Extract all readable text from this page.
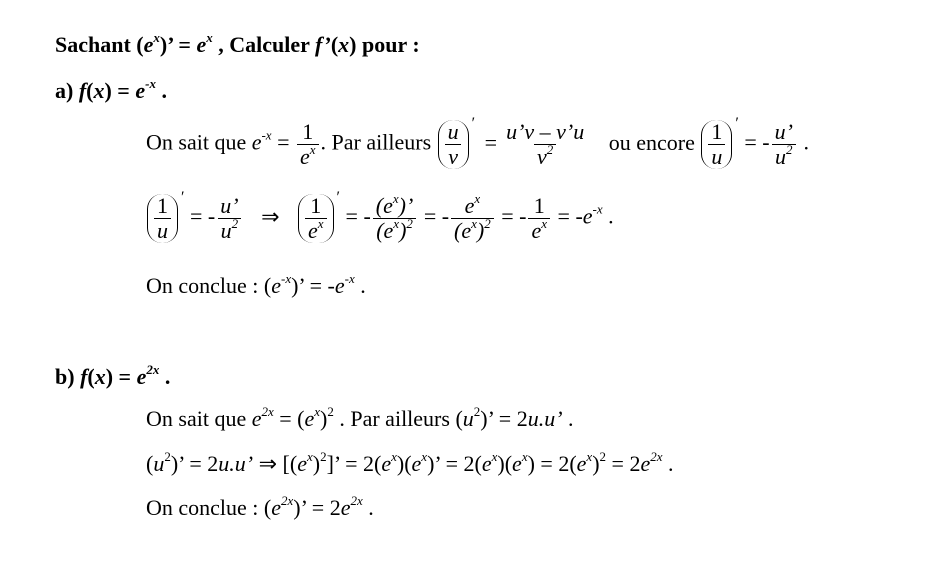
Sachant $(e^x)$’ = $e^x$ , Calculer f’(x) pour :
a) $f(x) = e^{-x}$ .
On sait que $e^{-x} = \frac{1}{e^x}$ . Par ailleurs $\frac{u}{v} ' = \frac{u’v - v’u}{v^2}$ ou encore $\frac{1}{u} '$ = - $\frac{u’}{u^2}$ .
$\frac{1}{u} '$ = - $\frac{u’}{u^2}$ ⇒ $\frac{1}{e^x} '$ = - $\frac{(e^x)’}{(e^x)^2}$ = - $\frac{e^x}{(e^x)^2}$ = - $\frac{1}{e^x} = -e^{-x}$ .
On conclue : $(e^{-x})$’ = $-e^{-x}$ .
b) $f(x) = e^{2x}$ .
On sait que $e^{2x} = (e^x)^2$ . Par ailleurs $(u^2)$’ = 2u.u’ .
$(u^2)$’ = 2u.u’ ⇒ $[(e^x)^2]$’ = $2(e^x)(e^x)$’ = $2(e^x)(e^x) = 2(e^x)^2 = 2e^{2x}$ .
On conclue : $(e^{2x})$’ = $2e^{2x}$ .
